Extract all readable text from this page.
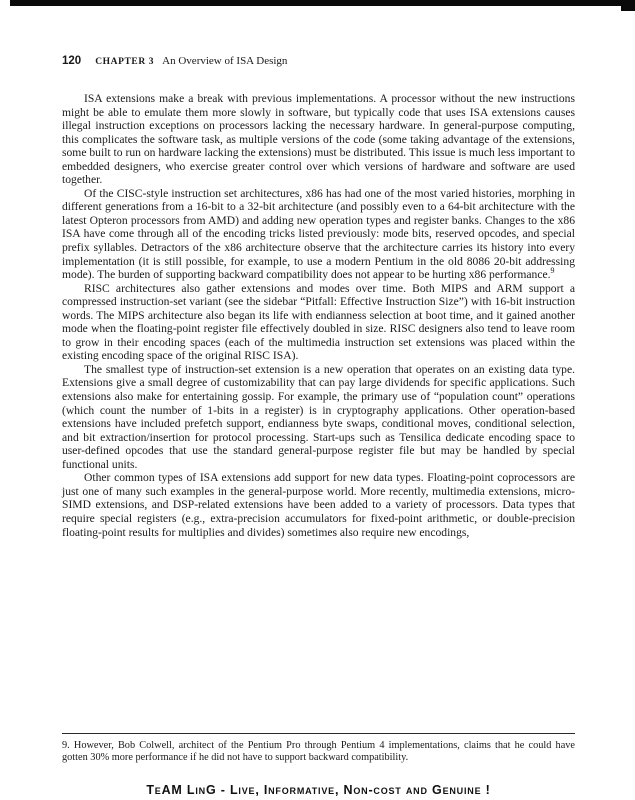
120 CHAPTER 3 An Overview of ISA Design

ISA extensions make a break with previous implementations. A processor without the new instructions might be able to emulate them more slowly in software, but typically code that uses ISA extensions causes illegal instruction exceptions on processors lacking the necessary hardware. In general-purpose computing, this complicates the software task, as multiple versions of the code (some taking advantage of the extensions, some built to run on hardware lacking the extensions) must be distributed. This issue is much less important to embedded designers, who exercise greater control over which versions of hardware and software are used together.

Of the CISC-style instruction set architectures, x86 has had one of the most varied histories, morphing in different generations from a 16-bit to a 32-bit architecture (and possibly even to a 64-bit architecture with the latest Opteron processors from AMD) and adding new operation types and register banks. Changes to the x86 ISA have come through all of the encoding tricks listed previously: mode bits, reserved opcodes, and special prefix syllables. Detractors of the x86 architecture observe that the architecture carries its history into every implementation (it is still possible, for example, to use a modern Pentium in the old 8086 20-bit addressing mode). The burden of supporting backward compatibility does not appear to be hurting x86 performance.$^9$

RISC architectures also gather extensions and modes over time. Both MIPS and ARM support a compressed instruction-set variant (see the sidebar “Pitfall: Effective Instruction Size”) with 16-bit instruction words. The MIPS architecture also began its life with endianness selection at boot time, and it gained another mode when the floating-point register file effectively doubled in size. RISC designers also tend to leave room to grow in their encoding spaces (each of the multimedia instruction set extensions was placed within the existing encoding space of the original RISC ISA).

The smallest type of instruction-set extension is a new operation that operates on an existing data type. Extensions give a small degree of customizability that can pay large dividends for specific applications. Such extensions also make for entertaining gossip. For example, the primary use of “population count” operations (which count the number of 1-bits in a register) is in cryptography applications. Other operation-based extensions have included prefetch support, endianness byte swaps, conditional moves, conditional selection, and bit extraction/insertion for protocol processing. Start-ups such as Tensilica dedicate encoding space to user-defined opcodes that use the standard general-purpose register file but may be handled by special functional units.

Other common types of ISA extensions add support for new data types. Floating-point coprocessors are just one of many such examples in the general-purpose world. More recently, multimedia extensions, micro-SIMD extensions, and DSP-related extensions have been added to a variety of processors. Data types that require special registers (e.g., extra-precision accumulators for fixed-point arithmetic, or double-precision floating-point results for multiplies and divides) sometimes also require new encodings,

9. However, Bob Colwell, architect of the Pentium Pro through Pentium 4 implementations, claims that he could have gotten 30% more performance if he did not have to support backward compatibility.
TeAM LinG - Live, Informative, Non-cost and Genuine !
